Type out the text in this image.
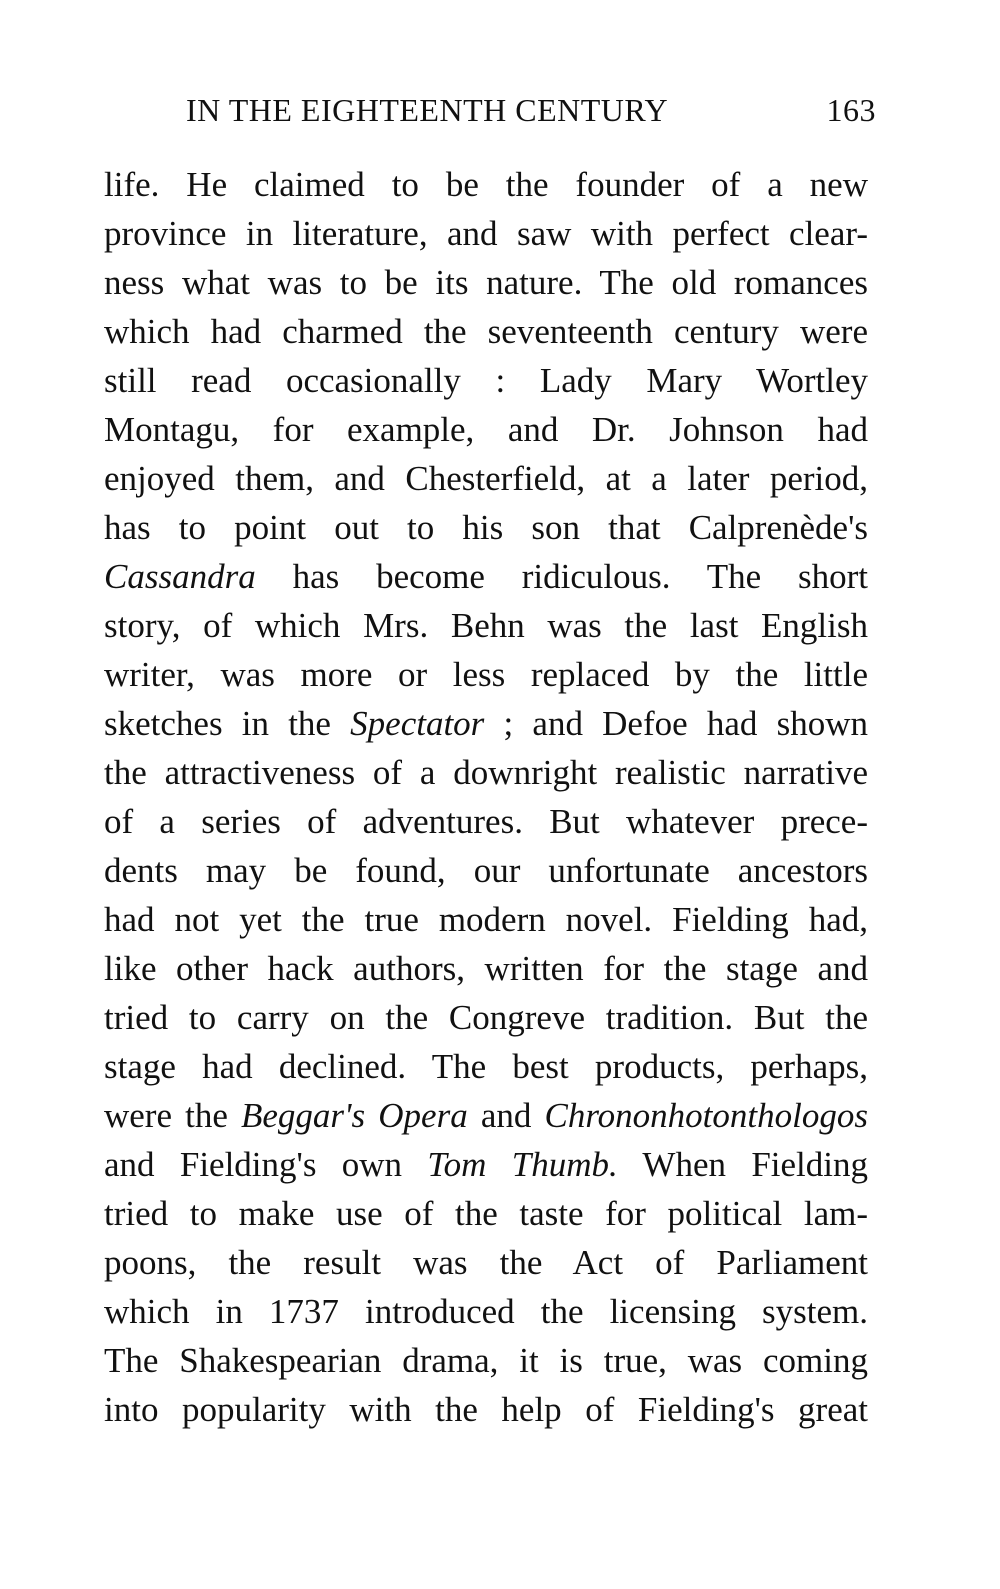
IN THE EIGHTEENTH CENTURY	163
life. He claimed to be the founder of a new
province in literature, and saw with perfect clear-
ness what was to be its nature. The old romances
which had charmed the seventeenth century were
still read occasionally : Lady Mary Wortley
Montagu, for example, and Dr. Johnson had
enjoyed them, and Chesterfield, at a later period,
has to point out to his son that Calprenède's
Cassandra has become ridiculous. The short
story, of which Mrs. Behn was the last English
writer, was more or less replaced by the little
sketches in the Spectator ; and Defoe had shown
the attractiveness of a downright realistic narrative
of a series of adventures. But whatever prece-
dents may be found, our unfortunate ancestors
had not yet the true modern novel. Fielding had,
like other hack authors, written for the stage and
tried to carry on the Congreve tradition. But the
stage had declined. The best products, perhaps,
were the Beggar's Opera and Chrononhotonthologos
and Fielding's own Tom Thumb. When Fielding
tried to make use of the taste for political lam-
poons, the result was the Act of Parliament
which in 1737 introduced the licensing system.
The Shakespearian drama, it is true, was coming
into popularity with the help of Fielding's great
